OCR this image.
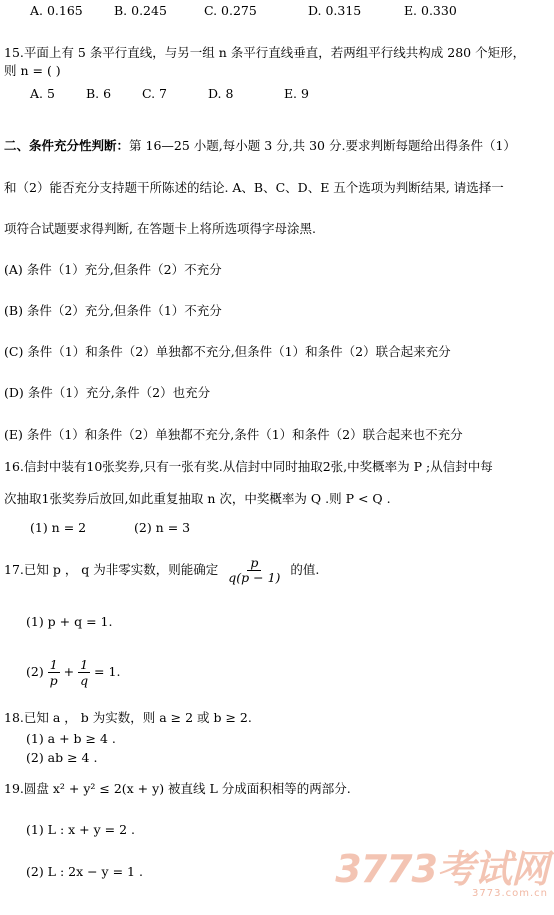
A. 0.165 B. 0.245	C. 0.275	D. 0.315	E. 0.330
15.平面上有 5 条平行直线，与另一组 n 条平行直线垂直，若两组平行线共构成 280 个矩形，
则 n = ( )
A. 5 B. 6 C. 7	D. 8	E. 9
二、条件充分性判断：第 16—25 小题,每小题 3 分,共 30 分.要求判断每题给出得条件（1）
和（2）能否充分支持题干所陈述的结论. A、B、C、D、E 五个选项为判断结果, 请选择一
项符合试题要求得判断, 在答题卡上将所选项得字母涂黑.
(A) 条件（1）充分,但条件（2）不充分
(B) 条件（2）充分,但条件（1）不充分
(C) 条件（1）和条件（2）单独都不充分,但条件（1）和条件（2）联合起来充分
(D) 条件（1）充分,条件（2）也充分
(E) 条件（1）和条件（2）单独都不充分,条件（1）和条件（2）联合起来也不充分
16.信封中装有10张奖券,只有一张有奖.从信封中同时抽取2张,中奖概率为 P ;从信封中每
次抽取1张奖券后放回,如此重复抽取 n 次，中奖概率为 Q .则 P < Q .
(1) n = 2	(2) n = 3
17.已知 p ， q 为非零实数，则能确定 $\frac{p}{q(p - 1)}$ 的值.
(1) p + q = 1.
$(2) \frac{1}{p} + \frac{1}{q} = 1$.
18.已知 a ， b 为实数，则 a ≥ 2 或 b ≥ 2.
(1) a + b ≥ 4 .
(2) ab ≥ 4 .
19.圆盘 x² + y² ≤ 2(x + y) 被直线 L 分成面积相等的两部分.
(1) L : x + y = 2 .
(2) L : 2x − y = 1 .	3773考试网
3773.com.cn
